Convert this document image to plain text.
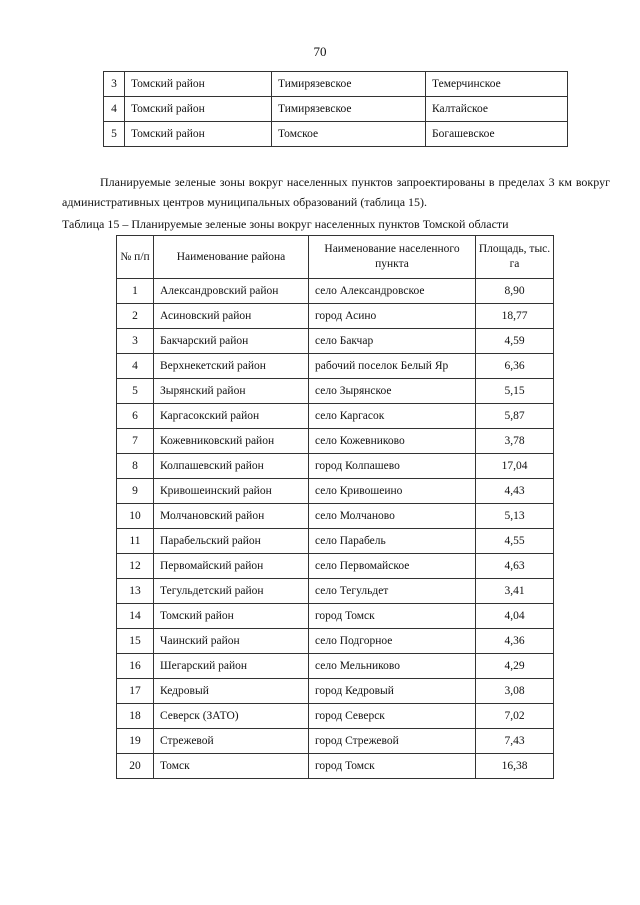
70
3	Томский район	Тимирязевское	Темерчинское
4	Томский район	Тимирязевское	Калтайское
5	Томский район	Томское	Богашевское
Планируемые зеленые зоны вокруг населенных пунктов запроектированы в пределах 3 км вокруг административных центров муниципальных образований (таблица 15).
Таблица 15 – Планируемые зеленые зоны вокруг населенных пунктов Томской области
№ п/п	Наименование района	Наименование населенного пункта	Площадь, тыс. га
1	Александровский район	село Александровское	8,90
2	Асиновский район	город Асино	18,77
3	Бакчарский район	село Бакчар	4,59
4	Верхнекетский район	рабочий поселок Белый Яр	6,36
5	Зырянский район	село Зырянское	5,15
6	Каргасокский район	село Каргасок	5,87
7	Кожевниковский район	село Кожевниково	3,78
8	Колпашевский район	город Колпашево	17,04
9	Кривошеинский район	село Кривошеино	4,43
10	Молчановский район	село Молчаново	5,13
11	Парабельский район	село Парабель	4,55
12	Первомайский район	село Первомайское	4,63
13	Тегульдетский район	село Тегульдет	3,41
14	Томский район	город Томск	4,04
15	Чаинский район	село Подгорное	4,36
16	Шегарский район	село Мельниково	4,29
17	Кедровый	город Кедровый	3,08
18	Северск (ЗАТО)	город Северск	7,02
19	Стрежевой	город Стрежевой	7,43
20	Томск	город Томск	16,38
